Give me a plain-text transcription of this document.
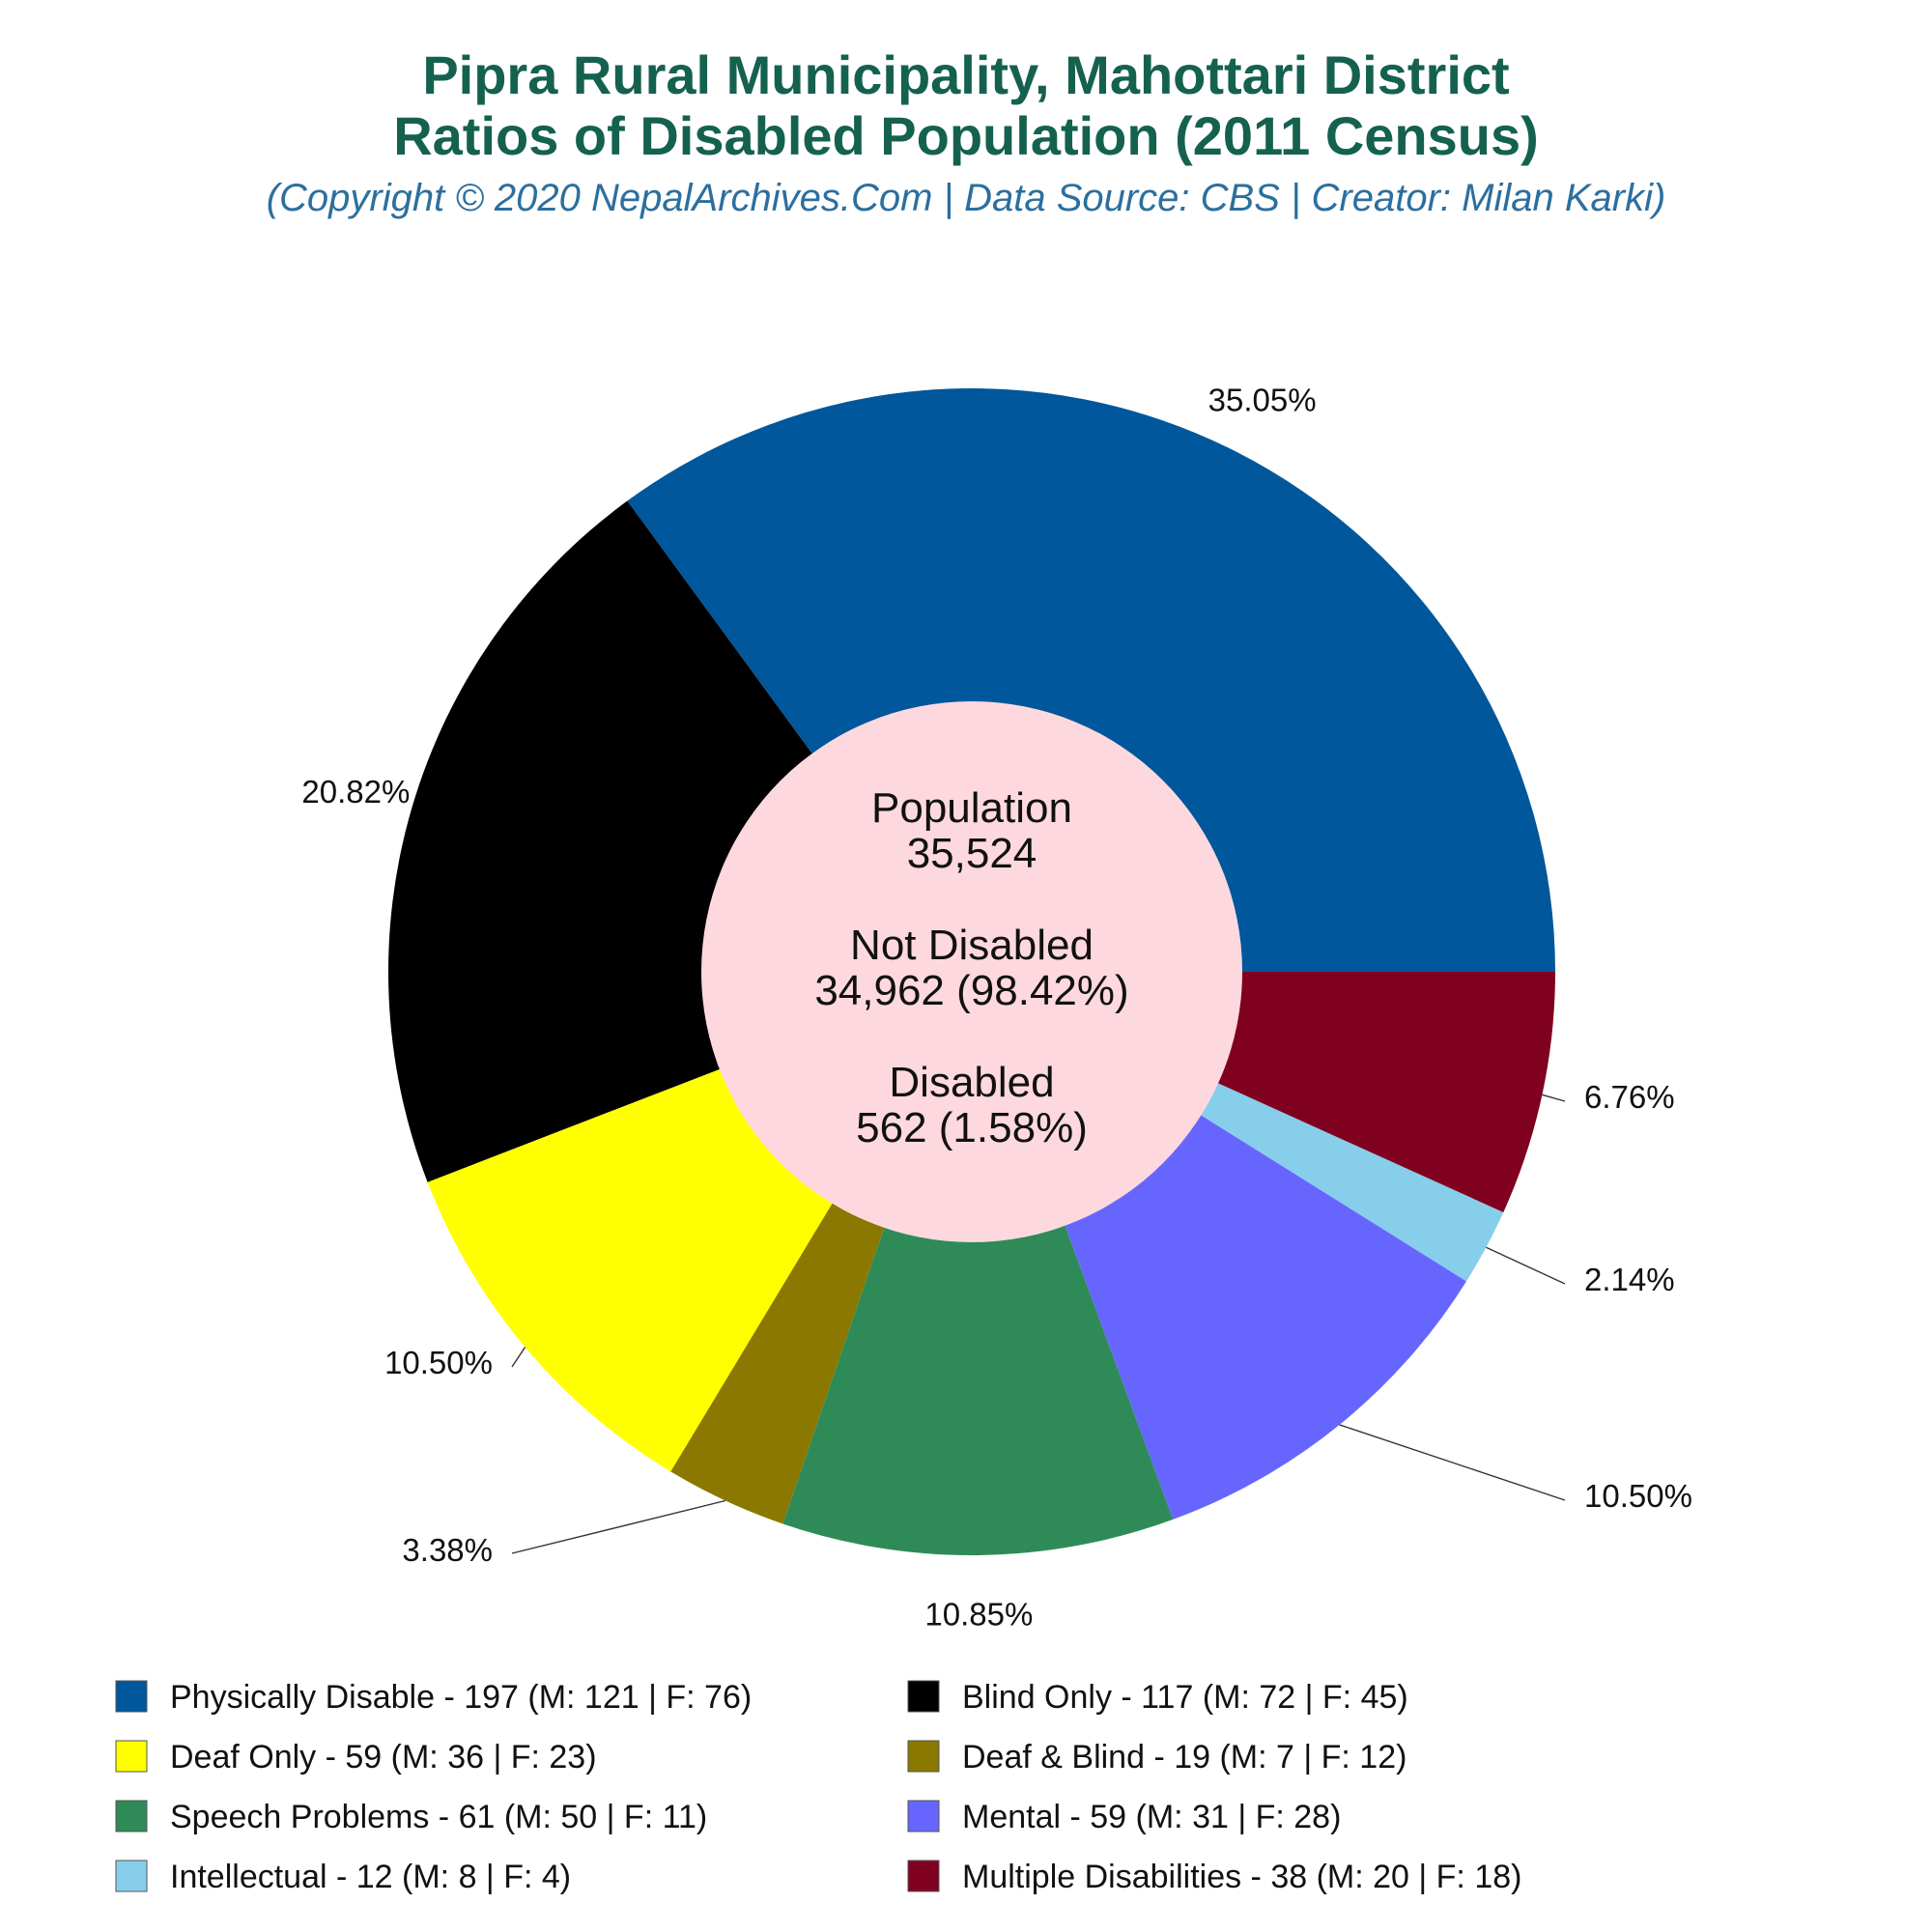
Pipra Rural Municipality, Mahottari District
Ratios of Disabled Population (2011 Census)
(Copyright © 2020 NepalArchives.Com | Data Source: CBS | Creator: Milan Karki)
35.05%
20.82%
10.50%
3.38%
10.85%
10.50%
2.14%
6.76%
Population
35,524
Not Disabled
34,962 (98.42%)
Disabled
562 (1.58%)
Physically Disable - 197 (M: 121 | F: 76)	Blind Only - 117 (M: 72 | F: 45)
Deaf Only - 59 (M: 36 | F: 23)	Deaf & Blind - 19 (M: 7 | F: 12)
Speech Problems - 61 (M: 50 | F: 11)	Mental - 59 (M: 31 | F: 28)
Intellectual - 12 (M: 8 | F: 4)	Multiple Disabilities - 38 (M: 20 | F: 18)
